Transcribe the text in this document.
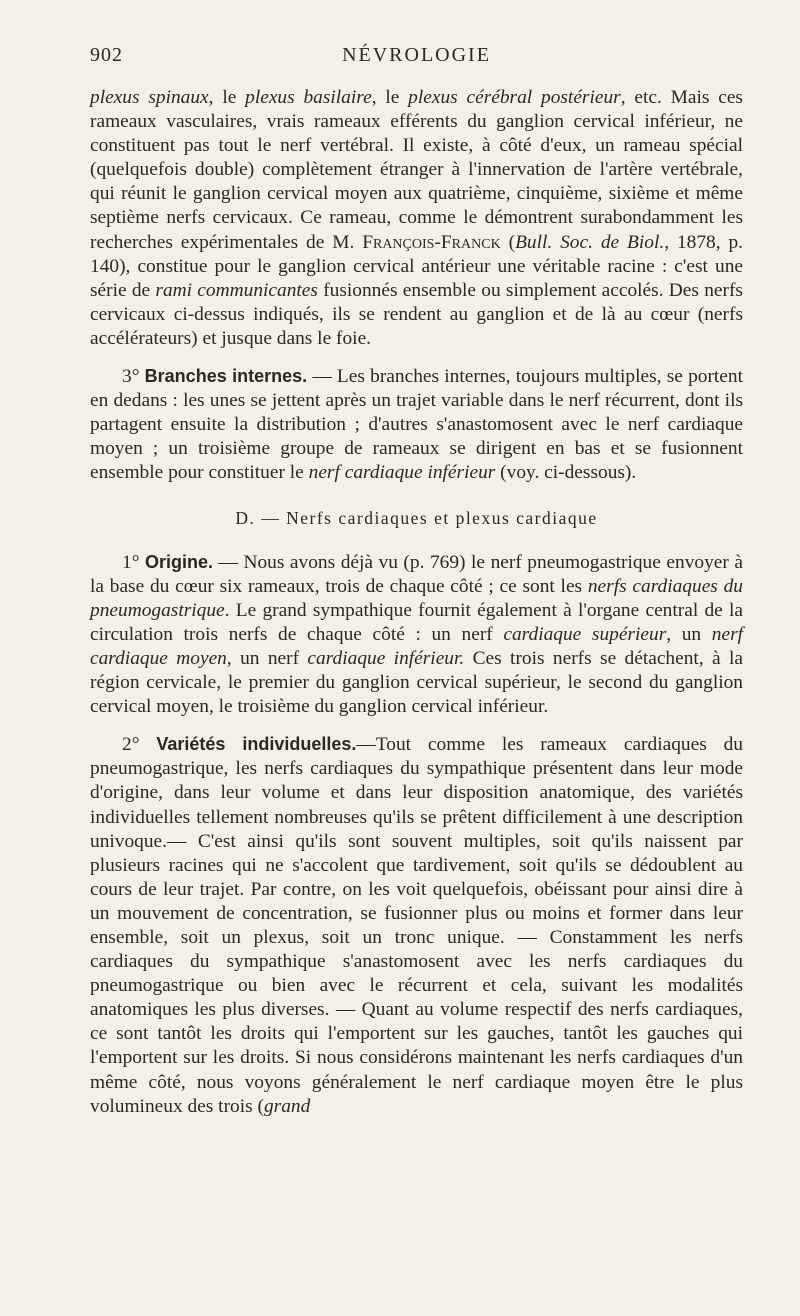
902	NÉVROLOGIE

plexus spinaux, le plexus basilaire, le plexus cérébral postérieur, etc. Mais ces rameaux vasculaires, vrais rameaux efférents du ganglion cervical inférieur, ne constituent pas tout le nerf vertébral. Il existe, à côté d'eux, un rameau spécial (quelquefois double) complètement étranger à l'innervation de l'artère vertébrale, qui réunit le ganglion cervical moyen aux quatrième, cinquième, sixième et même septième nerfs cervicaux. Ce rameau, comme le démontrent surabondamment les recherches expérimentales de M. François-Franck (Bull. Soc. de Biol., 1878, p. 140), constitue pour le ganglion cervical antérieur une véritable racine : c'est une série de rami communicantes fusionnés ensemble ou simplement accolés. Des nerfs cervicaux ci-dessus indiqués, ils se rendent au ganglion et de là au cœur (nerfs accélérateurs) et jusque dans le foie.

3° Branches internes. — Les branches internes, toujours multiples, se portent en dedans : les unes se jettent après un trajet variable dans le nerf récurrent, dont ils partagent ensuite la distribution ; d'autres s'anastomosent avec le nerf cardiaque moyen ; un troisième groupe de rameaux se dirigent en bas et se fusionnent ensemble pour constituer le nerf cardiaque inférieur (voy. ci-dessous).

D. — Nerfs cardiaques et plexus cardiaque

1° Origine. — Nous avons déjà vu (p. 769) le nerf pneumogastrique envoyer à la base du cœur six rameaux, trois de chaque côté ; ce sont les nerfs cardiaques du pneumogastrique. Le grand sympathique fournit également à l'organe central de la circulation trois nerfs de chaque côté : un nerf cardiaque supérieur, un nerf cardiaque moyen, un nerf cardiaque inférieur. Ces trois nerfs se détachent, à la région cervicale, le premier du ganglion cervical supérieur, le second du ganglion cervical moyen, le troisième du ganglion cervical inférieur.

2° Variétés individuelles.—Tout comme les rameaux cardiaques du pneumogastrique, les nerfs cardiaques du sympathique présentent dans leur mode d'origine, dans leur volume et dans leur disposition anatomique, des variétés individuelles tellement nombreuses qu'ils se prêtent difficilement à une description univoque.— C'est ainsi qu'ils sont souvent multiples, soit qu'ils naissent par plusieurs racines qui ne s'accolent que tardivement, soit qu'ils se dédoublent au cours de leur trajet. Par contre, on les voit quelquefois, obéissant pour ainsi dire à un mouvement de concentration, se fusionner plus ou moins et former dans leur ensemble, soit un plexus, soit un tronc unique. — Constamment les nerfs cardiaques du sympathique s'anastomosent avec les nerfs cardiaques du pneumogastrique ou bien avec le récurrent et cela, suivant les modalités anatomiques les plus diverses. — Quant au volume respectif des nerfs cardiaques, ce sont tantôt les droits qui l'emportent sur les gauches, tantôt les gauches qui l'emportent sur les droits. Si nous considérons maintenant les nerfs cardiaques d'un même côté, nous voyons généralement le nerf cardiaque moyen être le plus volumineux des trois (grand
